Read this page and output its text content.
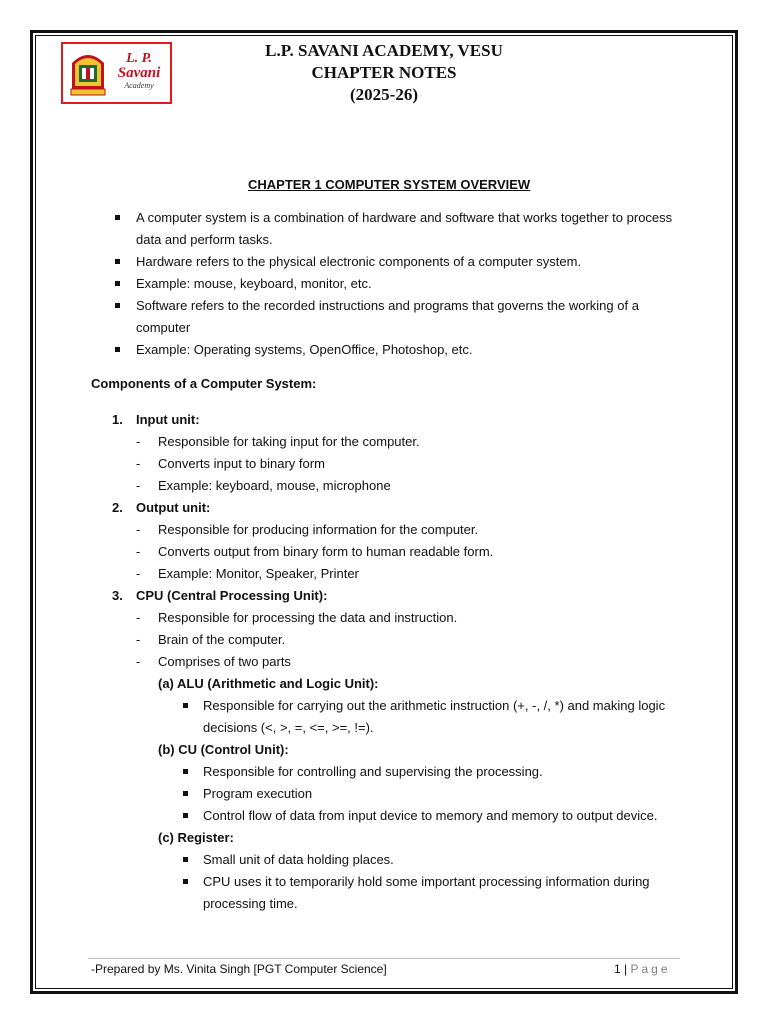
L. P.
Savani
Academy
L.P. SAVANI ACADEMY, VESU
CHAPTER NOTES
(2025-26)
CHAPTER 1 COMPUTER SYSTEM OVERVIEW
A computer system is a combination of hardware and software that works together to process data and perform tasks.
Hardware refers to the physical electronic components of a computer system.
Example: mouse, keyboard, monitor, etc.
Software refers to the recorded instructions and programs that governs the working of a computer
Example: Operating systems, OpenOffice, Photoshop, etc.
Components of a Computer System:
1. Input unit:
- Responsible for taking input for the computer.
- Converts input to binary form
- Example: keyboard, mouse, microphone
2. Output unit:
- Responsible for producing information for the computer.
- Converts output from binary form to human readable form.
- Example: Monitor, Speaker, Printer
3. CPU (Central Processing Unit):
- Responsible for processing the data and instruction.
- Brain of the computer.
- Comprises of two parts
(a) ALU (Arithmetic and Logic Unit):
Responsible for carrying out the arithmetic instruction (+, -, /, *) and making logic decisions (<, >, =, <=, >=, !=).
(b) CU (Control Unit):
Responsible for controlling and supervising the processing.
Program execution
Control flow of data from input device to memory and memory to output device.
(c) Register:
Small unit of data holding places.
CPU uses it to temporarily hold some important processing information during processing time.
-Prepared by Ms. Vinita Singh [PGT Computer Science]	1 | Page
